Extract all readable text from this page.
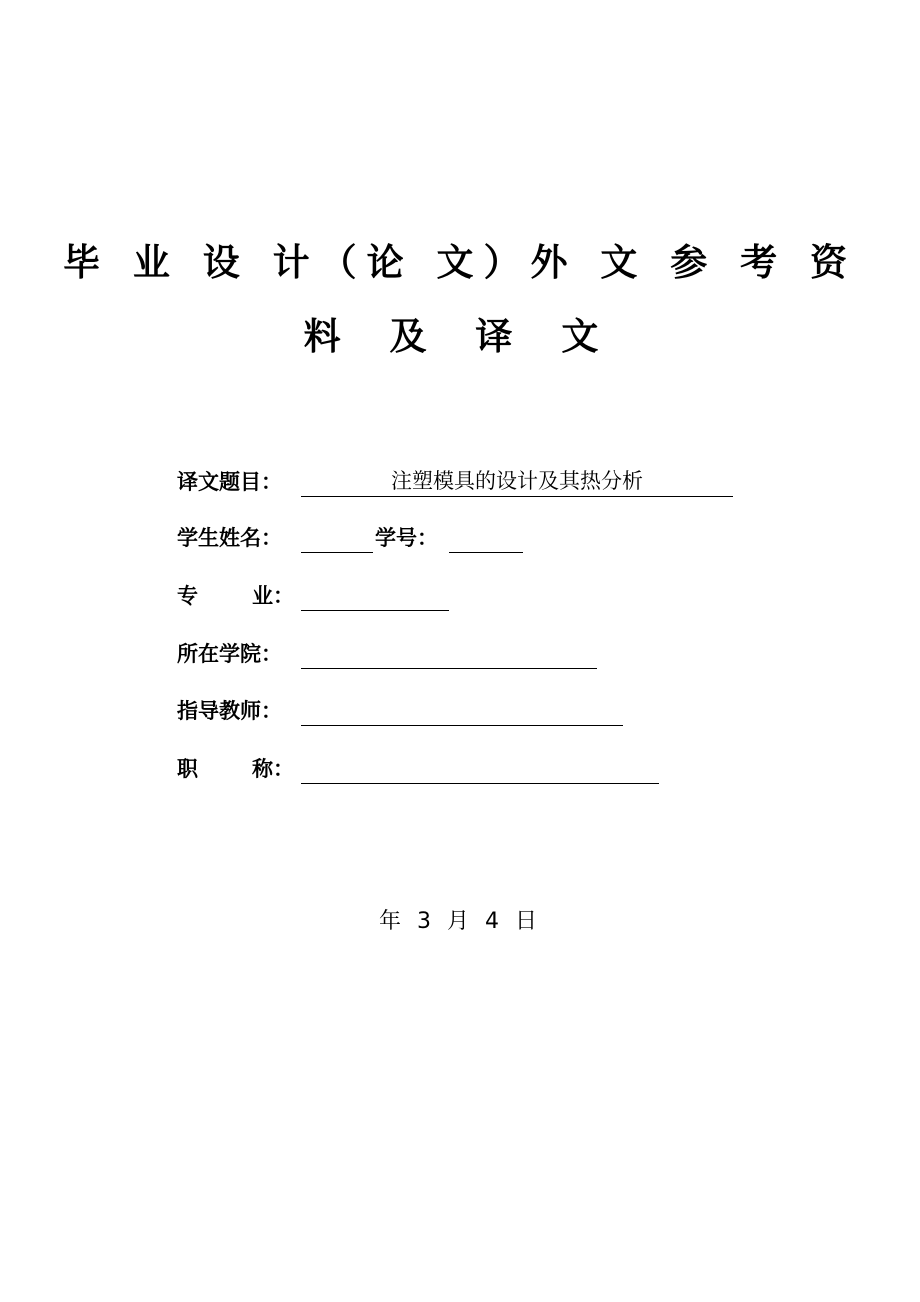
毕 业 设 计（论 文）外 文 参 考 资
料 及 译 文
译文题目：	注塑模具的设计及其热分析
学生姓名：	学号：
专	业：
所在学院：
指导教师：
职	称：
年 3 月 4 日
